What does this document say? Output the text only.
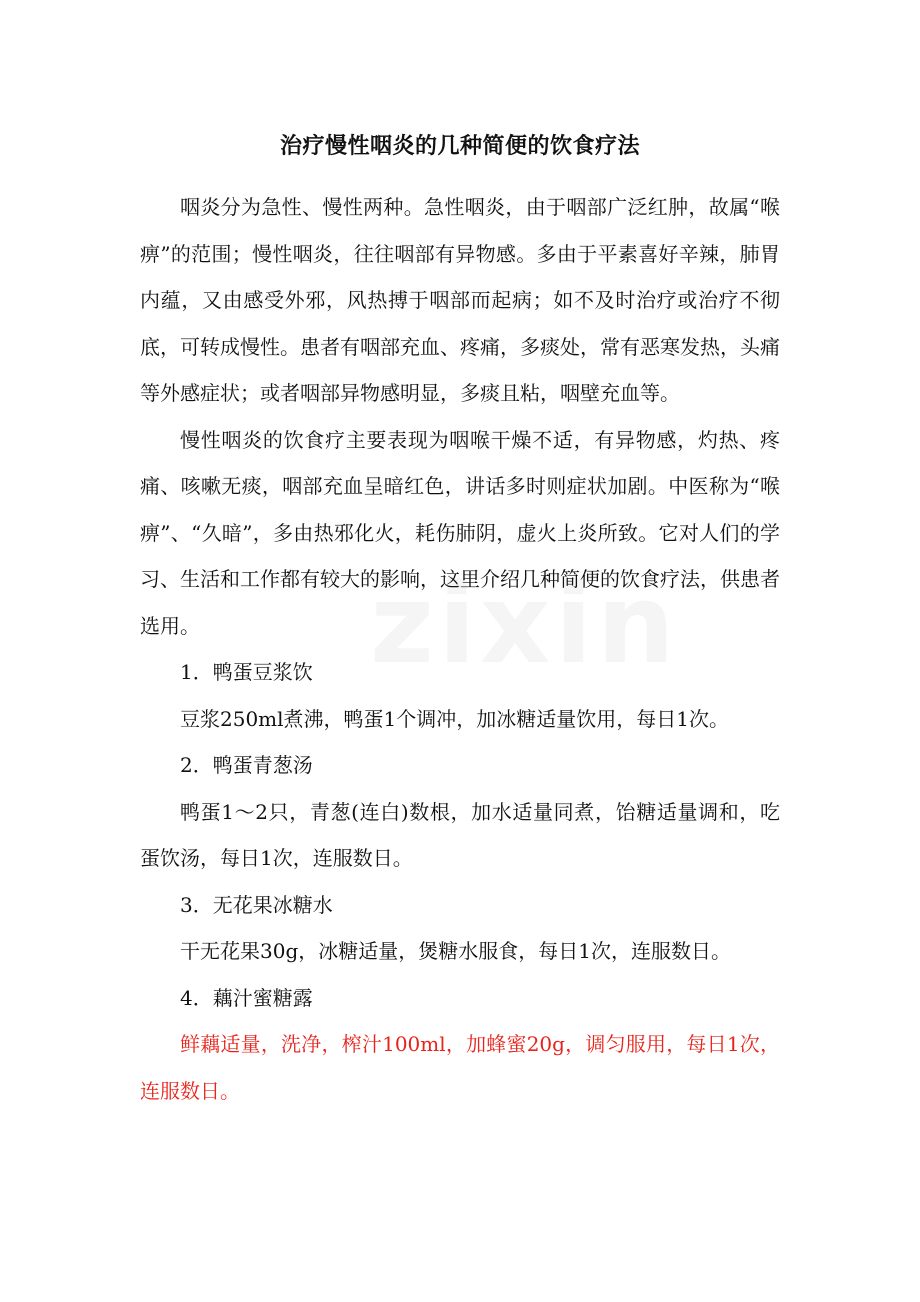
治疗慢性咽炎的几种简便的饮食疗法

咽炎分为急性、慢性两种。急性咽炎，由于咽部广泛红肿，故属“喉痹”的范围；慢性咽炎，往往咽部有异物感。多由于平素喜好辛辣，肺胃内蕴，又由感受外邪，风热搏于咽部而起病；如不及时治疗或治疗不彻底，可转成慢性。患者有咽部充血、疼痛，多痰处，常有恶寒发热，头痛等外感症状；或者咽部异物感明显，多痰且粘，咽壁充血等。

慢性咽炎的饮食疗主要表现为咽喉干燥不适，有异物感，灼热、疼痛、咳嗽无痰，咽部充血呈暗红色，讲话多时则症状加剧。中医称为“喉痹”、“久暗”，多由热邪化火，耗伤肺阴，虚火上炎所致。它对人们的学习、生活和工作都有较大的影响，这里介绍几种简便的饮食疗法，供患者选用。

1．鸭蛋豆浆饮

豆浆250ml煮沸，鸭蛋1个调冲，加冰糖适量饮用，每日1次。

2．鸭蛋青葱汤

鸭蛋1～2只，青葱(连白)数根，加水适量同煮，饴糖适量调和，吃蛋饮汤，每日1次，连服数日。

3．无花果冰糖水

干无花果30g，冰糖适量，煲糖水服食，每日1次，连服数日。

4．藕汁蜜糖露

鲜藕适量，洗净，榨汁100ml，加蜂蜜20g，调匀服用，每日1次，连服数日。
